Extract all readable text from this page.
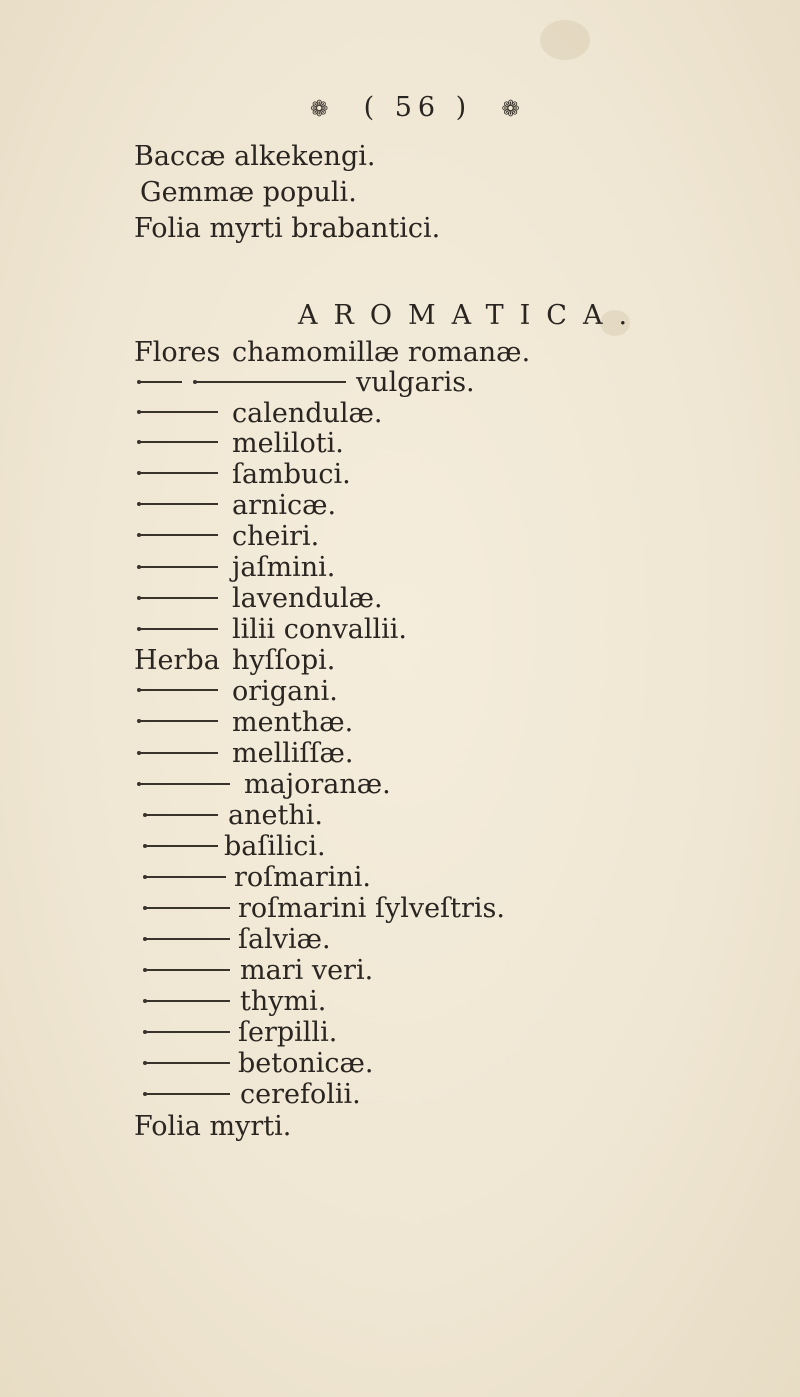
❁ ( 56 ) ❁
Baccæ alkekengi.
Gemmæ populi.
Folia myrti brabantici.
AROMATICA.
Flores chamomillæ romanæ.
vulgaris.
calendulæ.
meliloti.
ſambuci.
arnicæ.
cheiri.
jaſmini.
lavendulæ.
lilii convallii.
Herba hyſſopi.
origani.
menthæ.
melliſſæ.
majoranæ.
anethi.
baſilici.
roſmarini.
roſmarini ſylveſtris.
ſalviæ.
mari veri.
thymi.
ſerpilli.
betonicæ.
cerefolii.
Folia myrti.
